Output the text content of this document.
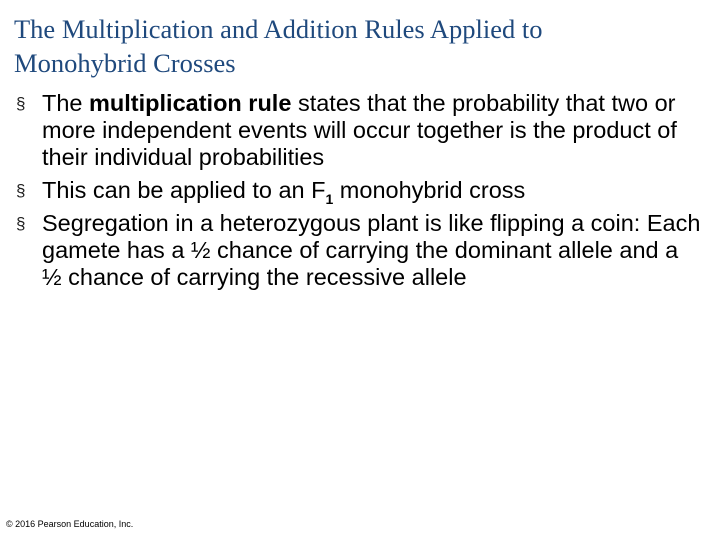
The Multiplication and Addition Rules Applied to
Monohybrid Crosses
§ The multiplication rule states that the probability that two or more independent events will occur together is the product of their individual probabilities
§ This can be applied to an $F_1$ monohybrid cross
§ Segregation in a heterozygous plant is like flipping a coin: Each gamete has a ½ chance of carrying the dominant allele and a ½ chance of carrying the recessive allele
© 2016 Pearson Education, Inc.
